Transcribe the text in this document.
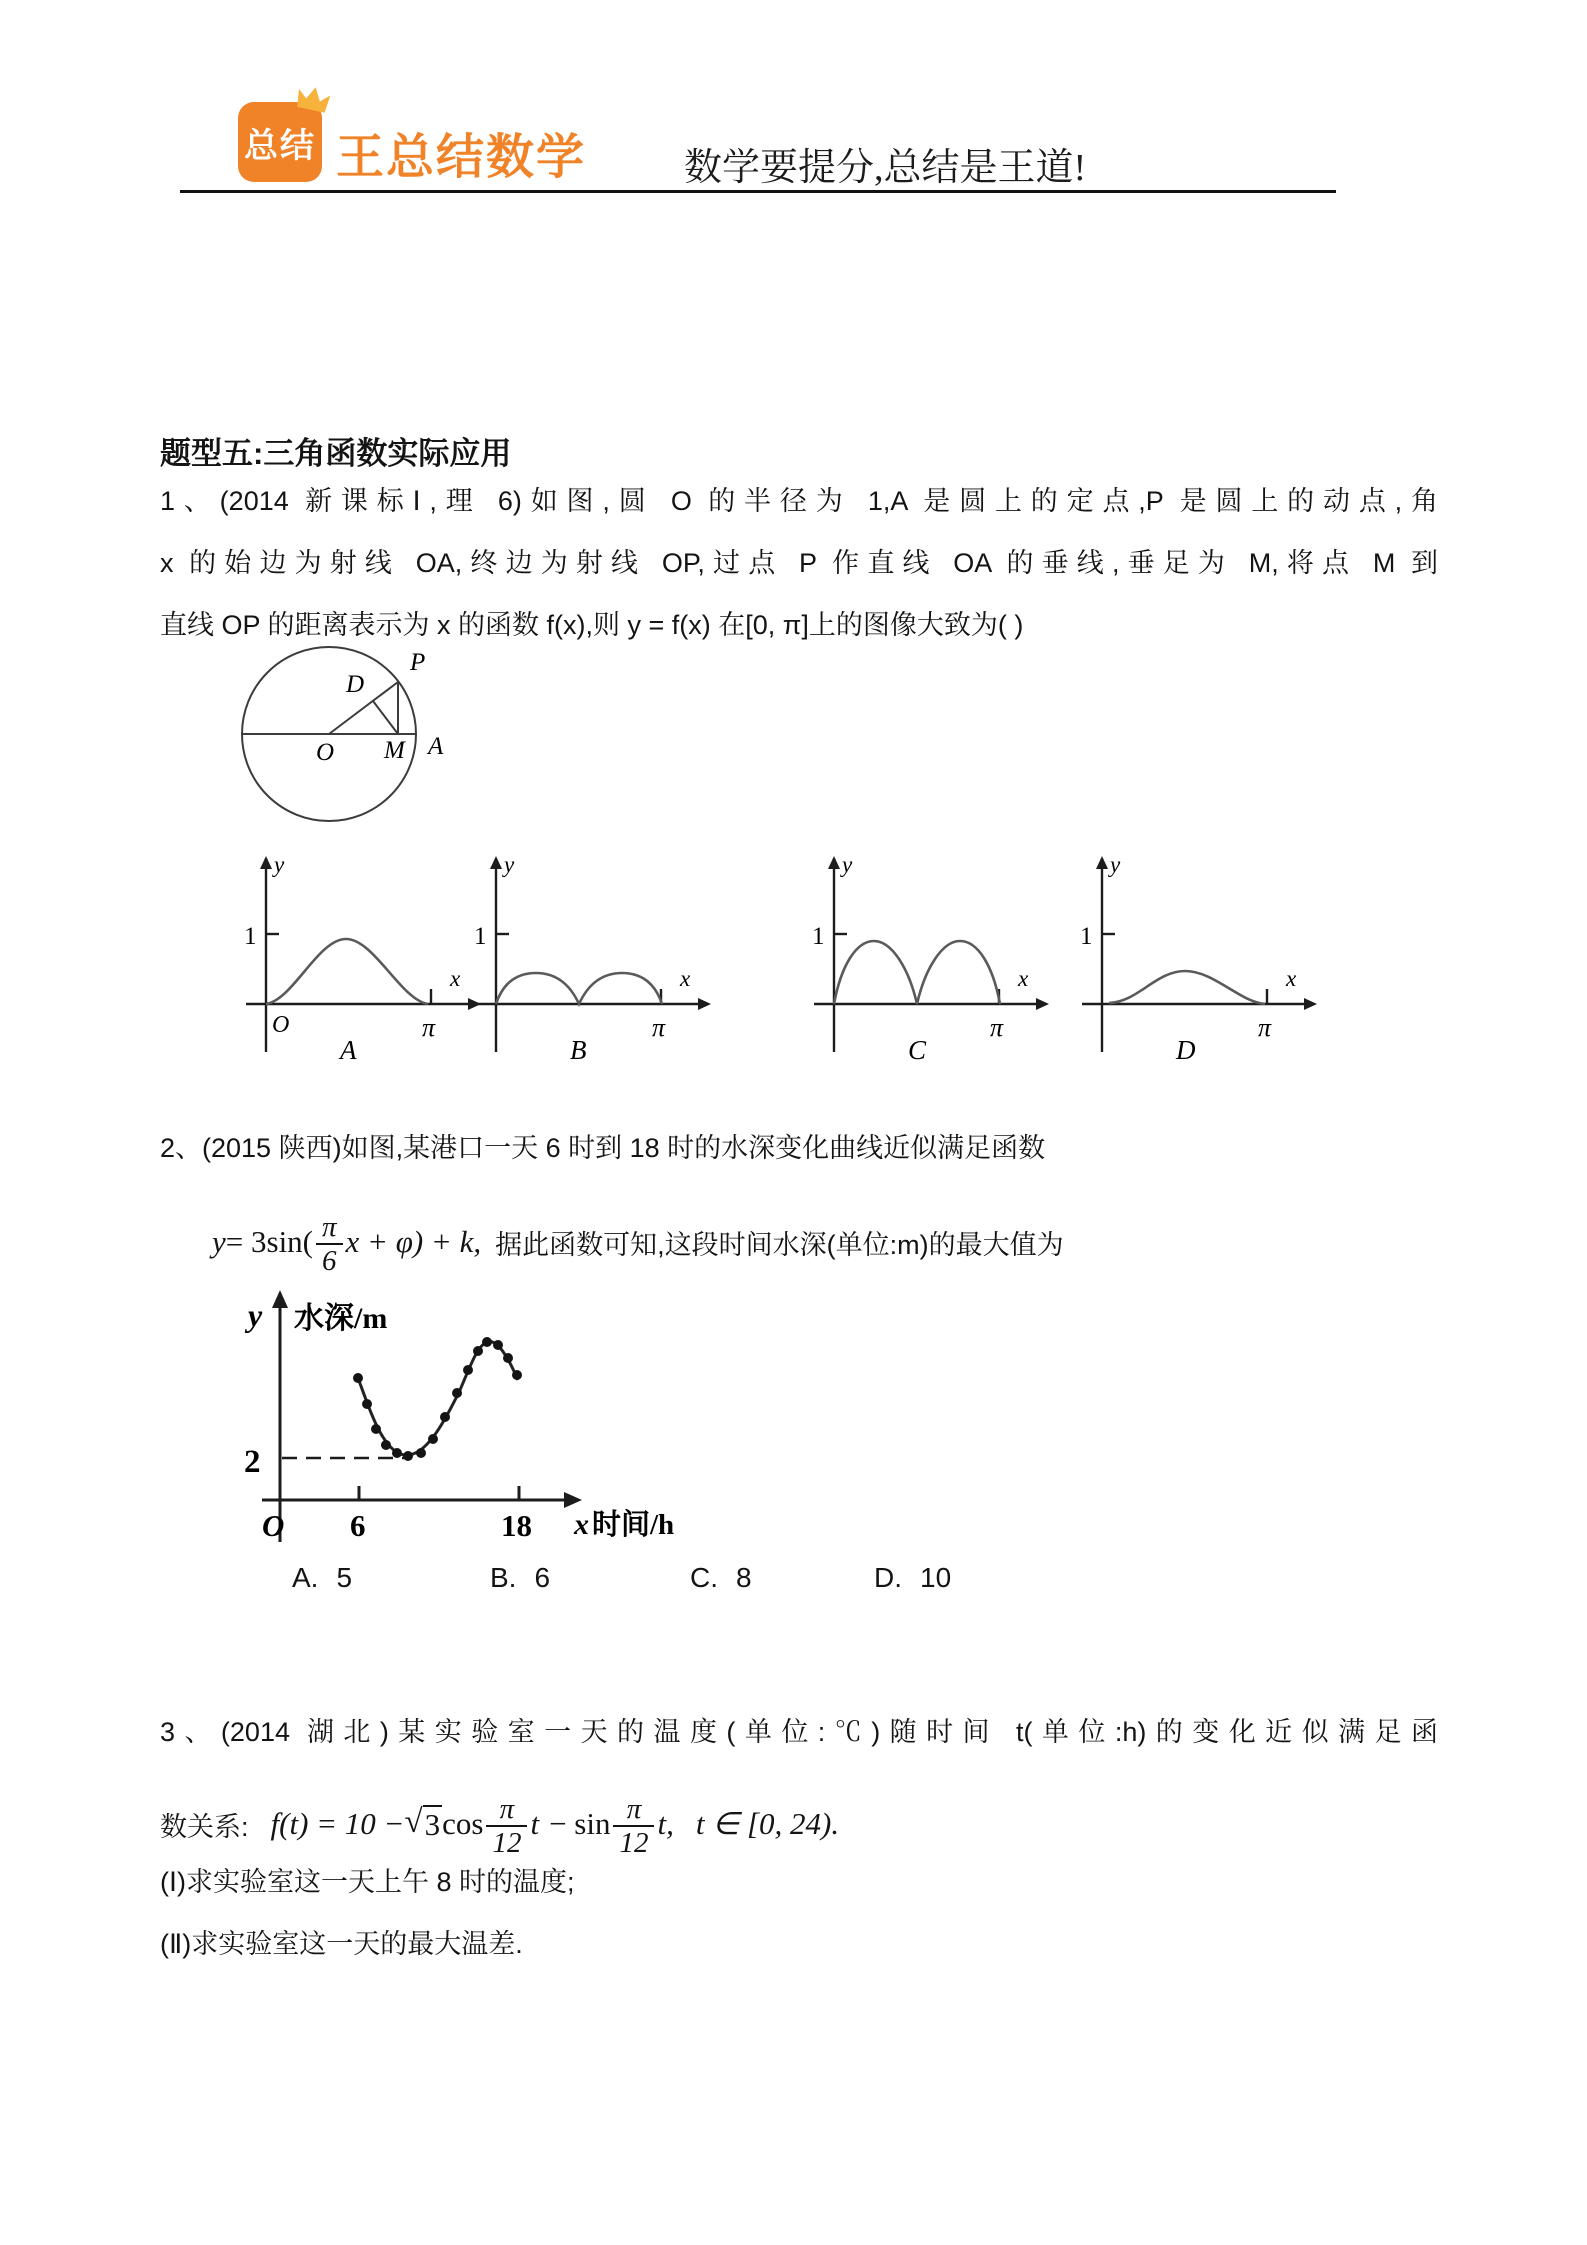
总结 王总结数学	数学要提分,总结是王道!
题型五:三角函数实际应用
1、(2014 新课标Ⅰ,理 6)如图,圆 O 的半径为 1,A 是圆上的定点,P 是圆上的动点,角
x 的始边为射线 OA,终边为射线 OP,过点 P 作直线 OA 的垂线,垂足为 M,将点 M 到
直线 OP 的距离表示为 x 的函数 f(x),则 y = f(x) 在[0, π]上的图像大致为( )
D
P
O M A
y
x
1
π
O
A
y
x
1
π
B
y
x
1
π
C
y
x
1
π
D
2、(2015 陕西)如图,某港口一天 6 时到 18 时的水深变化曲线近似满足函数
$y = 3\sin( \frac{\pi}{6}$ x + φ) + k, 据此函数可知,这段时间水深(单位:m)的最大值为
y 水深/m
2
O 6	18 x 时间/h
A. 5	B. 6	C. 8	D. 10
3、(2014 湖北)某实验室一天的温度(单位:℃)随时间 t(单位:h)的变化近似满足函
数关系: f(t) = 10 − √ 3 $\cos \frac{\pi}{12}$ $t - \sin \frac{\pi}{12} t$, t ∈ [0, 24).
(Ⅰ)求实验室这一天上午 8 时的温度;
(Ⅱ)求实验室这一天的最大温差.
